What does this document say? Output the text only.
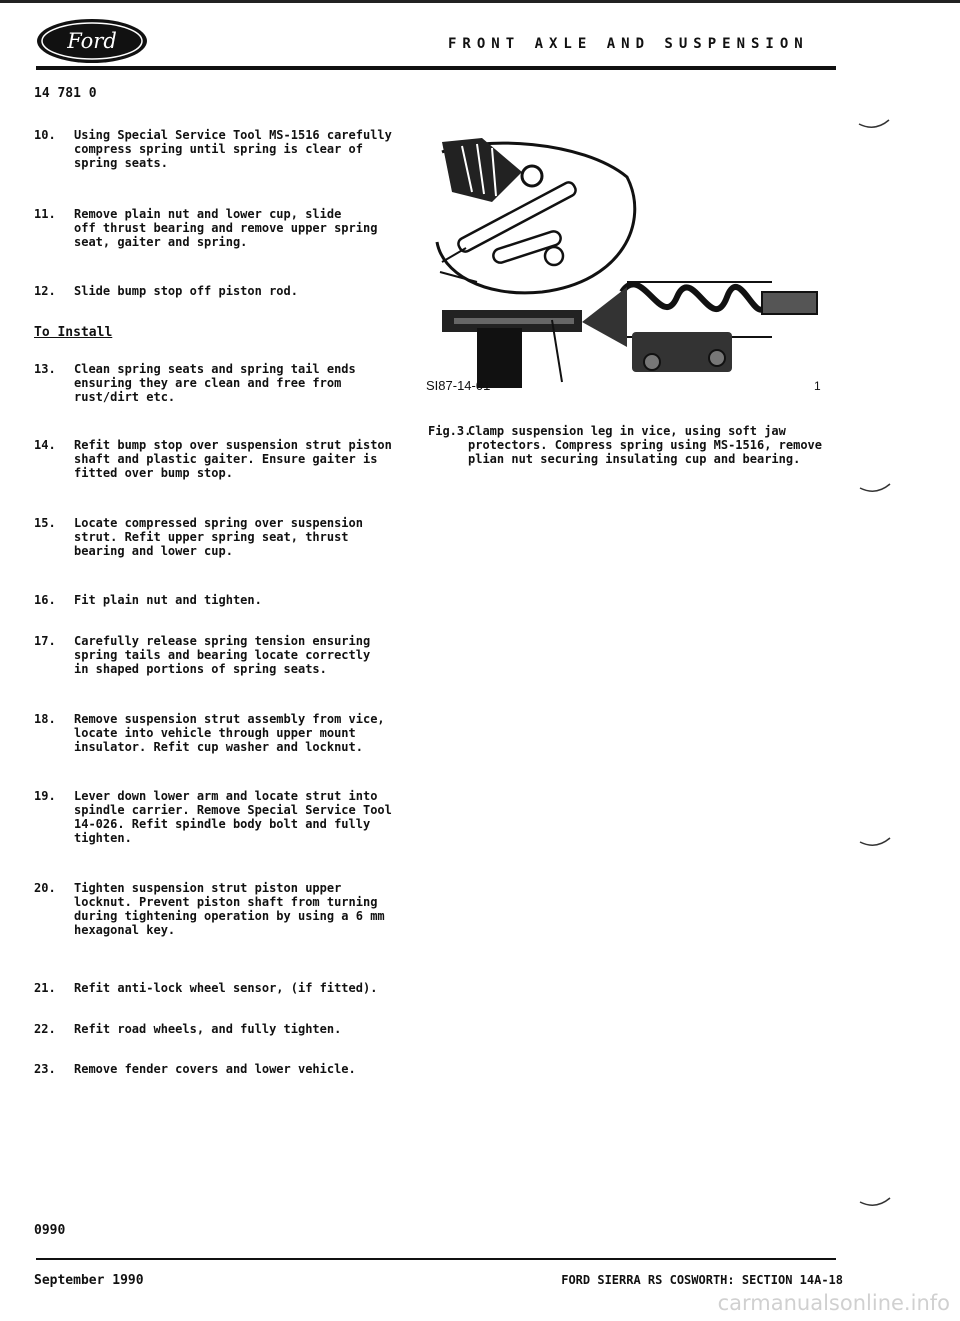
Ford	FRONT AXLE AND SUSPENSION
14 781 0
10. Using Special Service Tool MS-1516 carefully
compress spring until spring is clear of
spring seats.
11. Remove plain nut and lower cup, slide
off thrust bearing and remove upper spring
seat, gaiter and spring.
12. Slide bump stop off piston rod.
To Install
13. Clean spring seats and spring tail ends
ensuring they are clean and free from
rust/dirt etc.
14. Refit bump stop over suspension strut piston
shaft and plastic gaiter. Ensure gaiter is
fitted over bump stop.
15. Locate compressed spring over suspension
strut. Refit upper spring seat, thrust
bearing and lower cup.
16. Fit plain nut and tighten.
17. Carefully release spring tension ensuring
spring tails and bearing locate correctly
in shaped portions of spring seats.
18. Remove suspension strut assembly from vice,
locate into vehicle through upper mount
insulator. Refit cup washer and locknut.
19. Lever down lower arm and locate strut into
spindle carrier. Remove Special Service Tool
14-026. Refit spindle body bolt and fully
tighten.
20. Tighten suspension strut piston upper
locknut. Prevent piston shaft from turning
during tightening operation by using a 6 mm
hexagonal key.
21. Refit anti-lock wheel sensor, (if fitted).
22. Refit road wheels, and fully tighten.
23. Remove fender covers and lower vehicle.
SI87-14-01	1
Fig.3.Clamp suspension leg in vice, using soft jaw protectors. Compress spring using MS-1516, remove plian nut securing insulating cup and bearing.
0990
September 1990	FORD SIERRA RS COSWORTH: SECTION 14A-18
carmanualsonline.info
